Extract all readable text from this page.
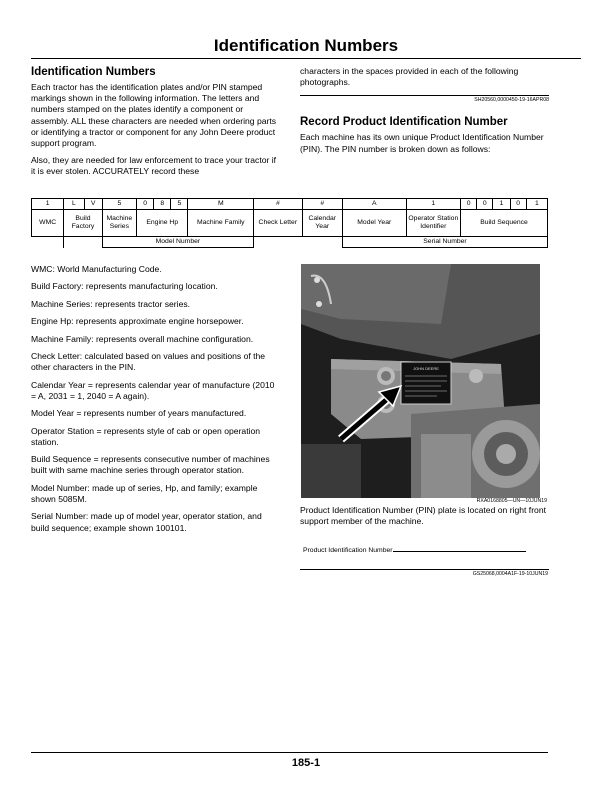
Identification Numbers
Identification Numbers

Each tractor has the identification plates and/or PIN stamped markings shown in the following information. The letters and numbers stamped on the plates identify a component or assembly. ALL these characters are needed when ordering parts or identifying a tractor or component for any John Deere product support program.

Also, they are needed for law enforcement to trace your tractor if it is ever stolen. ACCURATELY record these

characters in the spaces provided in each of the following photographs.

SH20560,0000450-19-16APR08
Record Product Identification Number

Each machine has its own unique Product Identification Number (PIN). The PIN number is broken down as follows:

1	L	V	5	0	8	5	M	#	#	A	1	0	0	1	0	1
WMC	Build Factory		Machine Series	Engine Hp			Machine Family	Check Letter	Calendar Year	Model Year	Operator Station Identifier	Build Sequence				
			Model Number							Serial Number						

WMC: World Manufacturing Code.

Build Factory: represents manufacturing location.

Machine Series: represents tractor series.

Engine Hp: represents approximate engine horsepower.

Machine Family: represents overall machine configuration.

Check Letter: calculated based on values and positions of the other characters in the PIN.

Calendar Year = represents calendar year of manufacture (2010 = A, 2031 = 1, 2040 = A again).

Model Year = represents number of years manufactured.

Operator Station = represents style of cab or open operation station.

Build Sequence = represents consecutive number of machines built with same machine series through operator station.

Model Number: made up of series, Hp, and family; example shown 5085M.

Serial Number: made up of model year, operator station, and build sequence; example shown 100101.

JOHN DEERE
RXA0168805—UN—10JUN19
Product Identification Number (PIN) plate is located on right front support member of the machine.
Product Identification Number
GS25068,0004A1F-19-10JUN19
185-1
